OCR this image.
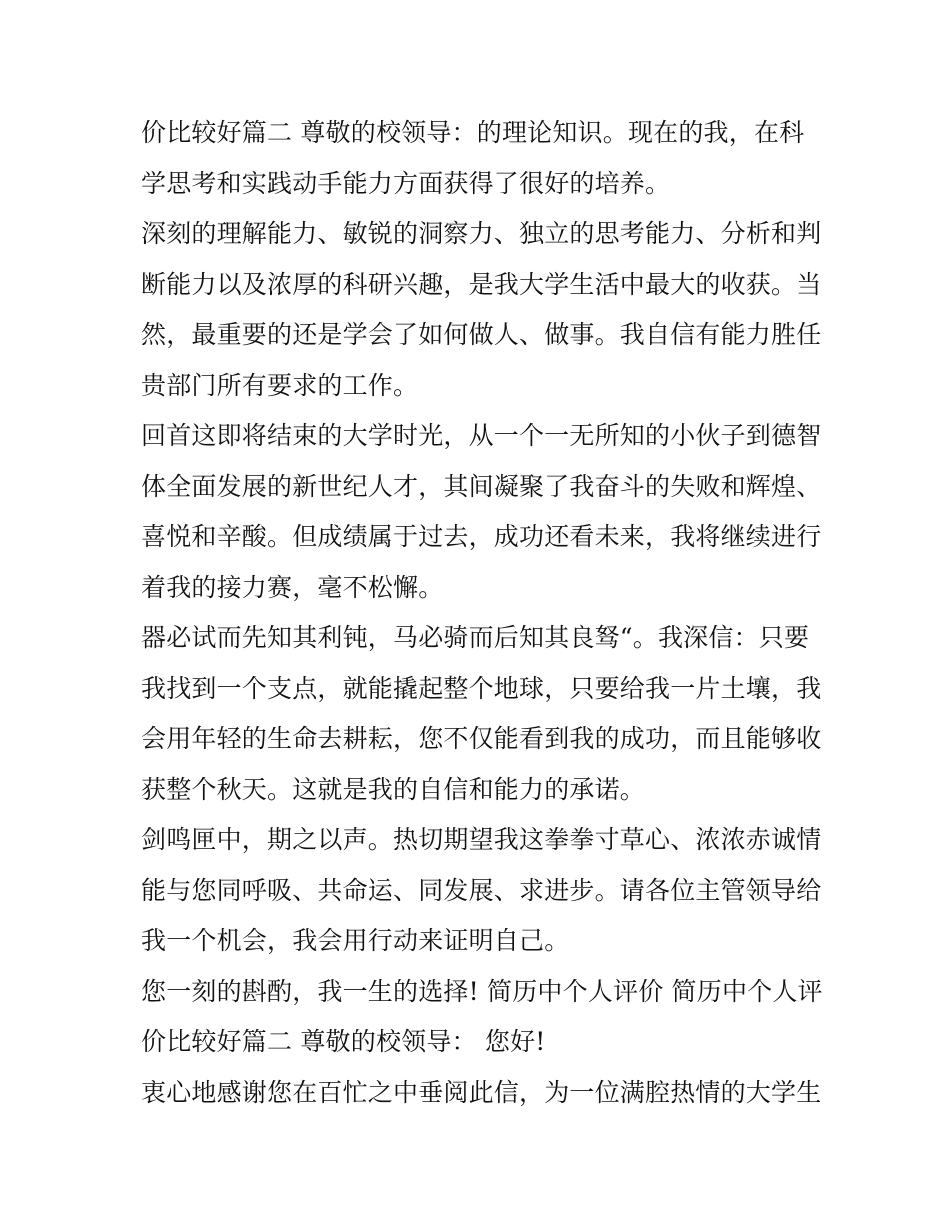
价比较好篇二 尊敬的校领导：的理论知识。现在的我，在科
学思考和实践动手能力方面获得了很好的培养。
深刻的理解能力、敏锐的洞察力、独立的思考能力、分析和判
断能力以及浓厚的科研兴趣，是我大学生活中最大的收获。当
然，最重要的还是学会了如何做人、做事。我自信有能力胜任
贵部门所有要求的工作。
回首这即将结束的大学时光，从一个一无所知的小伙子到德智
体全面发展的新世纪人才，其间凝聚了我奋斗的失败和辉煌、
喜悦和辛酸。但成绩属于过去，成功还看未来，我将继续进行
着我的接力赛，毫不松懈。
器必试而先知其利钝，马必骑而后知其良驽“。我深信：只要
我找到一个支点，就能撬起整个地球，只要给我一片土壤，我
会用年轻的生命去耕耘，您不仅能看到我的成功，而且能够收
获整个秋天。这就是我的自信和能力的承诺。
剑鸣匣中，期之以声。热切期望我这拳拳寸草心、浓浓赤诚情
能与您同呼吸、共命运、同发展、求进步。请各位主管领导给
我一个机会，我会用行动来证明自己。
您一刻的斟酌，我一生的选择! 简历中个人评价 简历中个人评
价比较好篇二 尊敬的校领导： 您好!
衷心地感谢您在百忙之中垂阅此信，为一位满腔热情的大学生
